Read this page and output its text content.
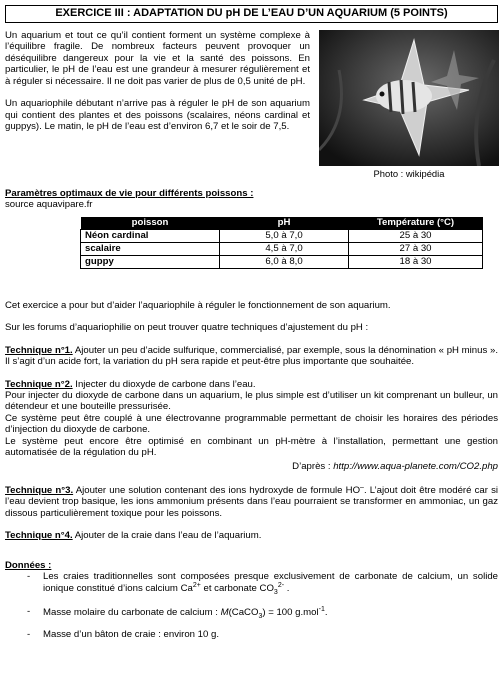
EXERCICE III : ADAPTATION DU pH DE L’EAU D’UN AQUARIUM (5 POINTS)

Un aquarium et tout ce qu’il contient forment un système complexe à l’équilibre fragile. De nombreux facteurs peuvent provoquer un déséquilibre dangereux pour la vie et la santé des poissons. En particulier, le pH de l’eau est une grandeur à mesurer régulièrement et à réguler si nécessaire. Il ne doit pas varier de plus de 0,5 unité de pH.

Un aquariophile débutant n’arrive pas à réguler le pH de son aquarium qui contient des plantes et des poissons (scalaires, néons cardinal et guppys). Le matin, le pH de l’eau est d’environ 6,7 et le soir de 7,5.

Photo : wikipédia
Paramètres optimaux de vie pour différents poissons :
source aquavipare.fr
poisson	pH	Température (°C)
Néon cardinal	5,0 à 7,0	25 à 30
scalaire	4,5 à 7,0	27 à 30
guppy	6,0 à 8,0	18 à 30

Cet exercice a pour but d’aider l’aquariophile à réguler le fonctionnement de son aquarium.

Sur les forums d’aquariophilie on peut trouver quatre techniques d’ajustement du pH :

Technique n°1. Ajouter un peu d’acide sulfurique, commercialisé, par exemple, sous la dénomination « pH minus ». Il s’agit d’un acide fort, la variation du pH sera rapide et peut-être plus importante que souhaitée.

Technique n°2. Injecter du dioxyde de carbone dans l’eau.

Pour injecter du dioxyde de carbone dans un aquarium, le plus simple est d’utiliser un kit comprenant un bulleur, un détendeur et une bouteille pressurisée.

Ce système peut être couplé à une électrovanne programmable permettant de choisir les horaires des périodes d’injection du dioxyde de carbone.

Le système peut encore être optimisé en combinant un pH-mètre à l’installation, permettant une gestion automatisée de la régulation du pH.

D’après : http://www.aqua-planete.com/CO2.php

Technique n°3. Ajouter une solution contenant des ions hydroxyde de formule HO–. L’ajout doit être modéré car si l’eau devient trop basique, les ions ammonium présents dans l’eau pourraient se transformer en ammoniac, un gaz dissous particulièrement toxique pour les poissons.

Technique n°4. Ajouter de la craie dans l’eau de l’aquarium.

Données :

- Les craies traditionnelles sont composées presque exclusivement de carbonate de calcium, un solide ionique constitué d’ions calcium $Ca^{2+}$ et carbonate $CO_3^{2-}$ .
- Masse molaire du carbonate de calcium : M(CaCO$_3$) = 100 g.mol$^{-1}$.
- Masse d’un bâton de craie : environ 10 g.
